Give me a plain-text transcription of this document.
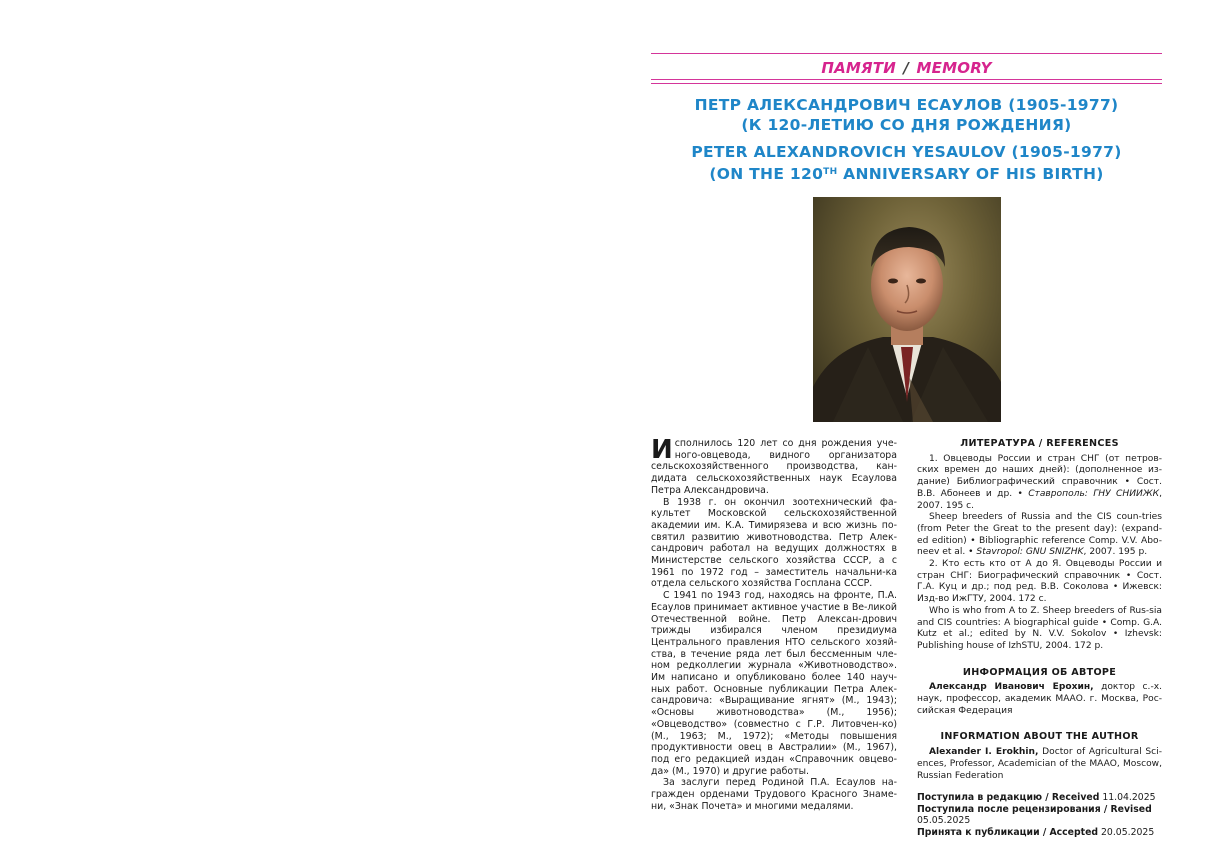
ПАМЯТИ / MEMORY
ПЕТР АЛЕКСАНДРОВИЧ ЕСАУЛОВ (1905-1977)
(К 120-ЛЕТИЮ СО ДНЯ РОЖДЕНИЯ)
PETER ALEXANDROVICH YESAULOV (1905-1977)
(ON THE 120TH ANNIVERSARY OF HIS BIRTH)

Исполнилось 120 лет со дня рождения уче-ного-овцевода, видного организатора сельскохозяйственного производства, кан-дидата сельскохозяйственных наук Есаулова Петра Александровича.

В 1938 г. он окончил зоотехнический фа-культет Московской сельскохозяйственной академии им. К.А. Тимирязева и всю жизнь по-святил развитию животноводства. Петр Алек-сандрович работал на ведущих должностях в Министерстве сельского хозяйства СССР, а с 1961 по 1972 год – заместитель начальни-ка отдела сельского хозяйства Госплана СССР.

С 1941 по 1943 год, находясь на фронте, П.А. Есаулов принимает активное участие в Ве-ликой Отечественной войне. Петр Алексан-дрович трижды избирался членом президиума Центрального правления НТО сельского хозяй-ства, в течение ряда лет был бессменным чле-ном редколлегии журнала «Животноводство». Им написано и опубликовано более 140 науч-ных работ. Основные публикации Петра Алек-сандровича: «Выращивание ягнят» (М., 1943); «Основы животноводства» (М., 1956); «Овцеводство» (совместно с Г.Р. Литовчен-ко) (М., 1963; М., 1972); «Методы повышения продуктивности овец в Австралии» (М., 1967), под его редакцией издан «Справочник овцево-да» (М., 1970) и другие работы.

За заслуги перед Родиной П.А. Есаулов на-гражден орденами Трудового Красного Знаме-ни, «Знак Почета» и многими медалями.

ЛИТЕРАТУРА / REFERENCES

1. Овцеводы России и стран СНГ (от петров-ских времен до наших дней): (дополненное из-дание) Библиографический справочник • Сост. В.В. Абонеев и др. • Ставрополь: ГНУ СНИИЖК, 2007. 195 с.

Sheep breeders of Russia and the CIS coun-tries (from Peter the Great to the present day): (expand-ed edition) • Bibliographic reference Comp. V.V. Abo-neev et al. • Stavropol: GNU SNIZHK, 2007. 195 p.

2. Кто есть кто от А до Я. Овцеводы России и стран СНГ: Биографический справочник • Сост. Г.А. Куц и др.; под ред. В.В. Соколова • Ижевск: Изд-во ИжГТУ, 2004. 172 с.

Who is who from A to Z. Sheep breeders of Rus-sia and CIS countries: A biographical guide • Comp. G.A. Kutz et al.; edited by N. V.V. Sokolov • Izhevsk: Publishing house of IzhSTU, 2004. 172 p.

ИНФОРМАЦИЯ ОБ АВТОРЕ

Александр Иванович Ерохин, доктор с.-х. наук, профессор, академик МААО. г. Москва, Рос-сийская Федерация

INFORMATION ABOUT THE AUTHOR

Alexander I. Erokhin, Doctor of Agricultural Sci-ences, Professor, Academician of the MAAO, Moscow, Russian Federation

Поступила в редакцию / Received 11.04.2025
Поступила после рецензирования / Revised 05.05.2025
Принята к публикации / Accepted 20.05.2025
